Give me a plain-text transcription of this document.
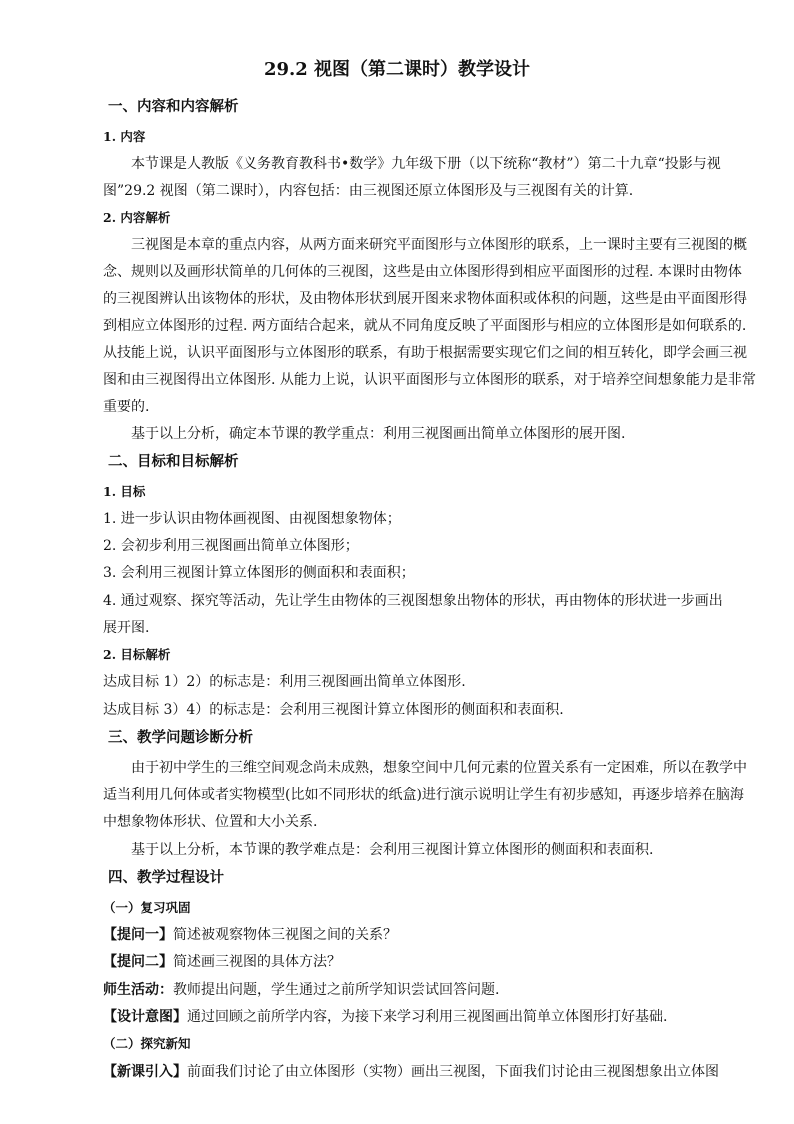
29.2 视图（第二课时）教学设计
一、内容和内容解析
1. 内容
本节课是人教版《义务教育教科书•数学》九年级下册（以下统称“教材”）第二十九章“投影与视
图”29.2 视图（第二课时），内容包括：由三视图还原立体图形及与三视图有关的计算.
2. 内容解析
三视图是本章的重点内容，从两方面来研究平面图形与立体图形的联系，上一课时主要有三视图的概
念、规则以及画形状简单的几何体的三视图，这些是由立体图形得到相应平面图形的过程. 本课时由物体
的三视图辨认出该物体的形状，及由物体形状到展开图来求物体面积或体积的问题，这些是由平面图形得
到相应立体图形的过程. 两方面结合起来，就从不同角度反映了平面图形与相应的立体图形是如何联系的.
从技能上说，认识平面图形与立体图形的联系，有助于根据需要实现它们之间的相互转化，即学会画三视
图和由三视图得出立体图形. 从能力上说，认识平面图形与立体图形的联系，对于培养空间想象能力是非常
重要的.
基于以上分析，确定本节课的教学重点：利用三视图画出简单立体图形的展开图.
二、目标和目标解析
1. 目标
1. 进一步认识由物体画视图、由视图想象物体；
2. 会初步利用三视图画出简单立体图形；
3. 会利用三视图计算立体图形的侧面积和表面积；
4. 通过观察、探究等活动，先让学生由物体的三视图想象出物体的形状，再由物体的形状进一步画出
展开图.
2. 目标解析
达成目标 1）2）的标志是：利用三视图画出简单立体图形.
达成目标 3）4）的标志是：会利用三视图计算立体图形的侧面积和表面积.
三、教学问题诊断分析
由于初中学生的三维空间观念尚未成熟，想象空间中几何元素的位置关系有一定困难，所以在教学中
适当利用几何体或者实物模型(比如不同形状的纸盒)进行演示说明让学生有初步感知，再逐步培养在脑海
中想象物体形状、位置和大小关系.
基于以上分析，本节课的教学难点是：会利用三视图计算立体图形的侧面积和表面积.
四、教学过程设计
（一）复习巩固
【提问一】简述被观察物体三视图之间的关系？
【提问二】简述画三视图的具体方法？
师生活动：教师提出问题，学生通过之前所学知识尝试回答问题.
【设计意图】通过回顾之前所学内容，为接下来学习利用三视图画出简单立体图形打好基础.
（二）探究新知
【新课引入】前面我们讨论了由立体图形（实物）画出三视图，下面我们讨论由三视图想象出立体图
